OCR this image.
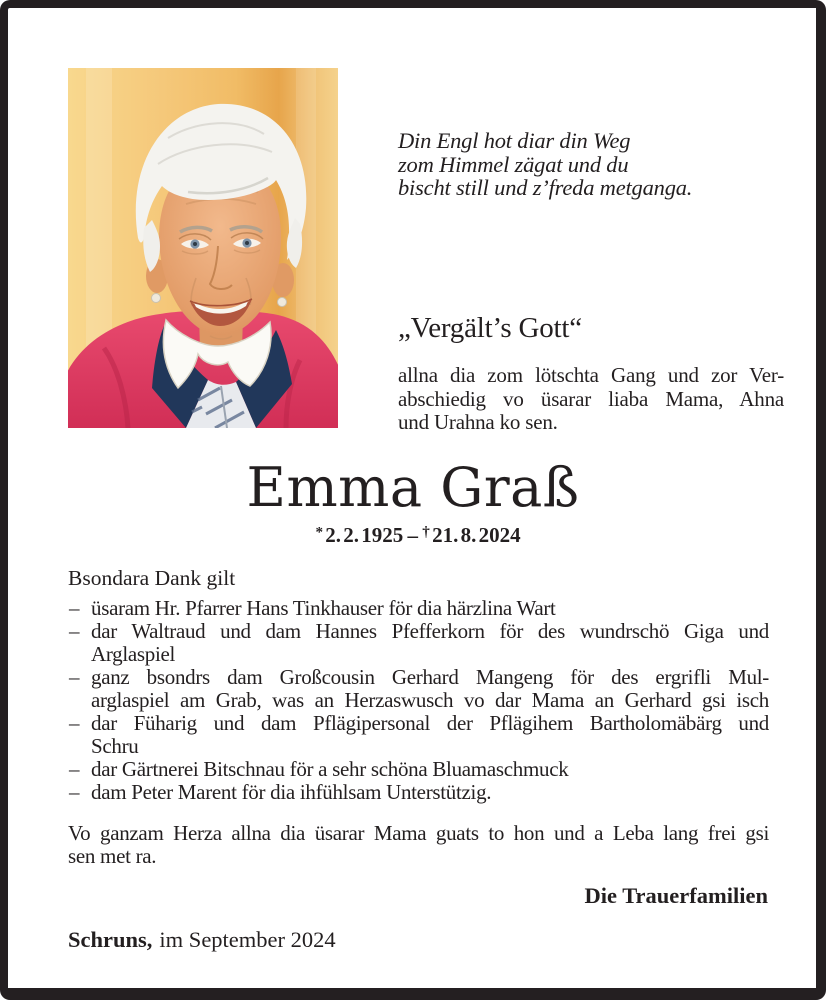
Din Engl hot diar din Weg
zom Himmel zägat und du
bischt still und z’freda metganga.
„Vergält’s Gott“
allna dia zom lötschta Gang und zor Ver-
abschiedig vo üsarar liaba Mama, Ahna
und Urahna ko sen.
Emma Graß
* 2. 2. 1925 – † 21. 8. 2024
Bsondara Dank gilt
– üsaram Hr. Pfarrer Hans Tinkhauser för dia härzlina Wart
– dar Waltraud und dam Hannes Pfefferkorn för des wundrschö Giga und
Arglaspiel
– ganz bsondrs dam Großcousin Gerhard Mangeng för des ergrifli Mul-
arglaspiel am Grab, was an Herzaswusch vo dar Mama an Gerhard gsi isch
– dar Füharig und dam Pflägipersonal der Pflägihem Bartholomäbärg und
Schru
– dar Gärtnerei Bitschnau för a sehr schöna Bluamaschmuck
– dam Peter Marent för dia ihfühlsam Unterstützig.
Vo ganzam Herza allna dia üsarar Mama guats to hon und a Leba lang frei gsi
sen met ra.
Die Trauerfamilien
Schruns, im September 2024
